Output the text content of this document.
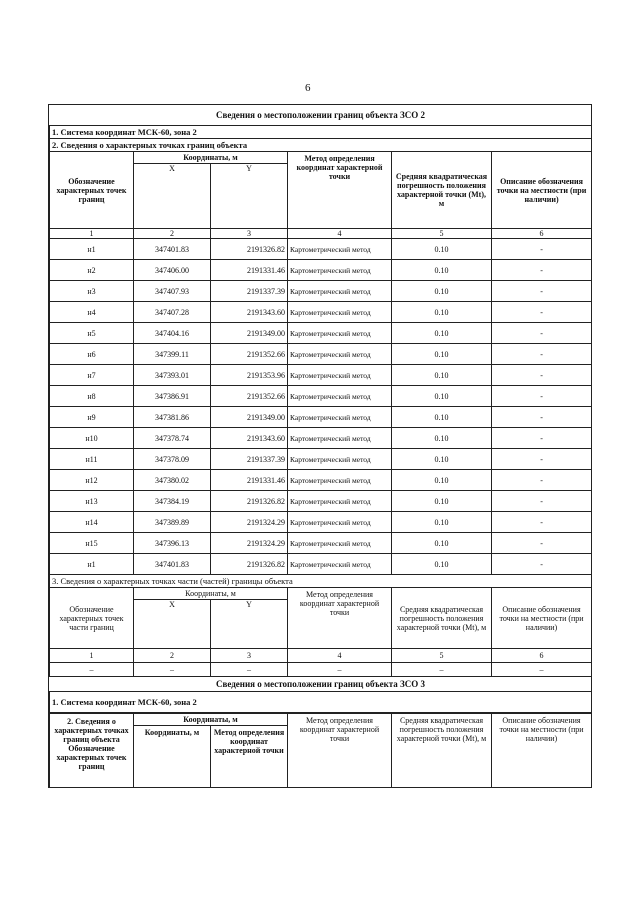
6
Сведения о местоположении границ объекта ЗСО 2					
1. Система координат МСК-60, зона 2					
2. Сведения о характерных точках границ объекта					
Обозначение характерных точек границ	Координаты, м		Метод определения координат характерной точки	Средняя квадратическая погрешность положения характерной точки (Мt), м	Описание обозначения точки на местности (при наличии)
	X	Y			
1	2	3	4	5	6
н1	347401.83	2191326.82	Картометрический метод	0.10	-
н2	347406.00	2191331.46	Картометрический метод	0.10	-
н3	347407.93	2191337.39	Картометрический метод	0.10	-
н4	347407.28	2191343.60	Картометрический метод	0.10	-
н5	347404.16	2191349.00	Картометрический метод	0.10	-
н6	347399.11	2191352.66	Картометрический метод	0.10	-
н7	347393.01	2191353.96	Картометрический метод	0.10	-
н8	347386.91	2191352.66	Картометрический метод	0.10	-
н9	347381.86	2191349.00	Картометрический метод	0.10	-
н10	347378.74	2191343.60	Картометрический метод	0.10	-
н11	347378.09	2191337.39	Картометрический метод	0.10	-
н12	347380.02	2191331.46	Картометрический метод	0.10	-
н13	347384.19	2191326.82	Картометрический метод	0.10	-
н14	347389.89	2191324.29	Картометрический метод	0.10	-
н15	347396.13	2191324.29	Картометрический метод	0.10	-
н1	347401.83	2191326.82	Картометрический метод	0.10	-
3. Сведения о характерных точках части (частей) границы объекта					
Обозначение характерных точек части границ	Координаты, м		Метод определения координат характерной точки	Средняя квадратическая погрешность положения характерной точки (Мt), м	Описание обозначения точки на местности (при наличии)
	X	Y			
1	2	3	4	5	6
–	–	–	–	–	–
Сведения о местоположении границ объекта ЗСО 3					
1. Система координат МСК-60, зона 2					
2. Сведения о характерных точках границ объекта Обозначение характерных точек границ	Координаты, м		Метод определения координат характерной точки	Средняя квадратическая погрешность положения характерной точки (Мt), м	Описание обозначения точки на местности (при наличии)
	Координаты, м	Метод определения координат характерной точки			
